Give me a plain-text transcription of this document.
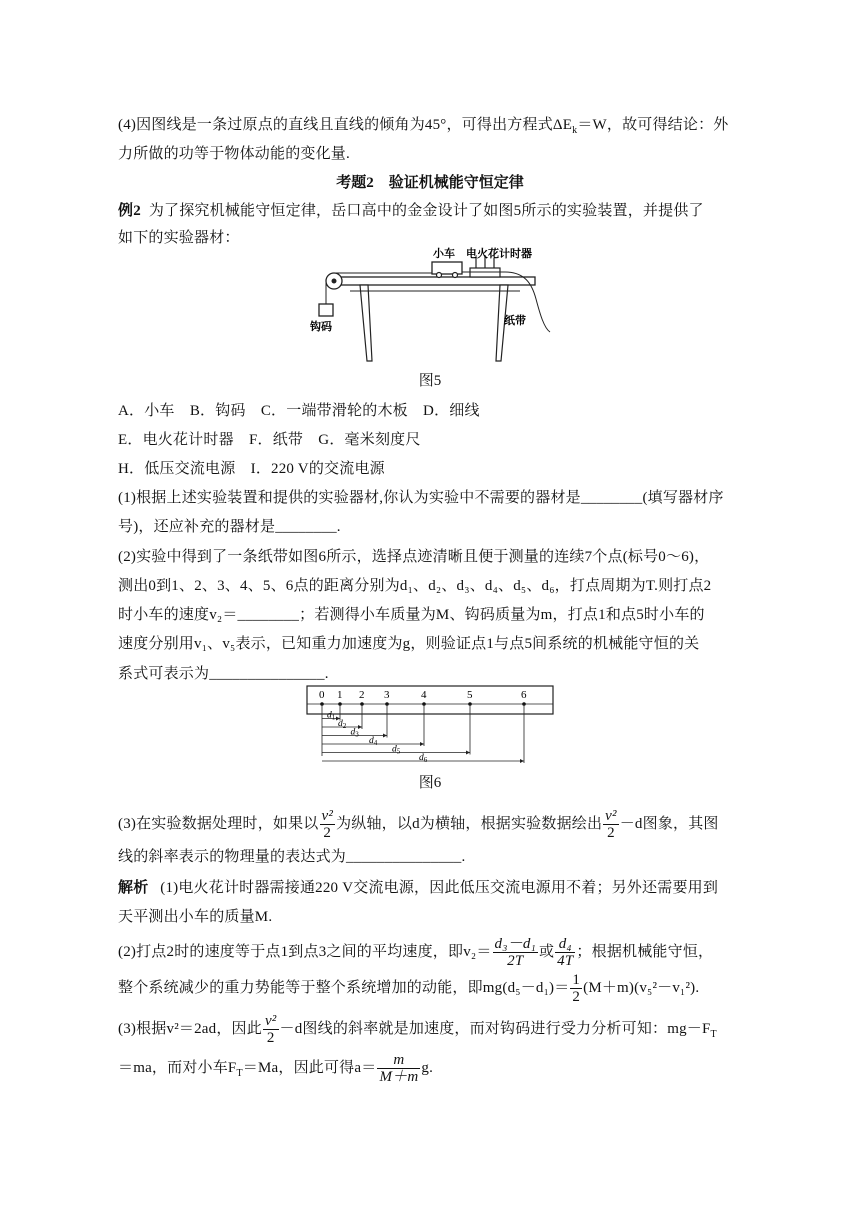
(4)因图线是一条过原点的直线且直线的倾角为45°，可得出方程式$\Delta E_k=W$，故可得结论：外
力所做的功等于物体动能的变化量.
考题2　验证机械能守恒定律
例2 为了探究机械能守恒定律，岳口高中的金金设计了如图5所示的实验装置，并提供了
如下的实验器材：
小车 电火花计时器
钩码	纸带
图5
A．小车　B．钩码　C．一端带滑轮的木板　D．细线
E．电火花计时器　F．纸带　G．毫米刻度尺
H．低压交流电源　I．220 V的交流电源
(1)根据上述实验装置和提供的实验器材,你认为实验中不需要的器材是________(填写器材序
号)，还应补充的器材是________.
(2)实验中得到了一条纸带如图6所示，选择点迹清晰且便于测量的连续7个点(标号0～6)，
测出0到1、2、3、4、5、6点的距离分别为d₁、d₂、d₃、d₄、d₅、d₆，打点周期为T.则打点2
时小车的速度v₂＝________；若测得小车质量为M、钩码质量为m，打点1和点5时小车的
速度分别用v₁、v₅表示，已知重力加速度为g，则验证点1与点5间系统的机械能守恒的关
系式可表示为_______________.
0 1 2 3	4	5	6
$d_1$
$d_2$
$d_3$
$d_4$
$d_5$
$d_6$
图6
(3)在实验数据处理时，如果以 $\frac{\text{v²}}{2}$ 为纵轴，以d为横轴，根据实验数据绘出 $\frac{\text{v²}}{2} -d$图象，其图
线的斜率表示的物理量的表达式为_______________.
解析 (1)电火花计时器需接通220 V交流电源，因此低压交流电源用不着；另外还需要用到
天平测出小车的质量M.
(2)打点2时的速度等于点1到点3之间的平均速度，即$v_2= \frac{\text{d₃－d₁}}{2T}$ 或 $\frac{\text{d₄}}{4T}$ ；根据机械能守恒，
整个系统减少的重力势能等于整个系统增加的动能，即$mg(d_5-d_1)= \frac{1}{2} (M+m)(v_5^2-v_1^2)$.
(3)根据v²＝2ad，因此 $\frac{\text{v²}}{2} -d$图线的斜率就是加速度，而对钩码进行受力分析可知：$mg-F_T$
＝ma，而对小车$F_T=Ma$，因此可得$a= \frac{m}{M+m} g$.
